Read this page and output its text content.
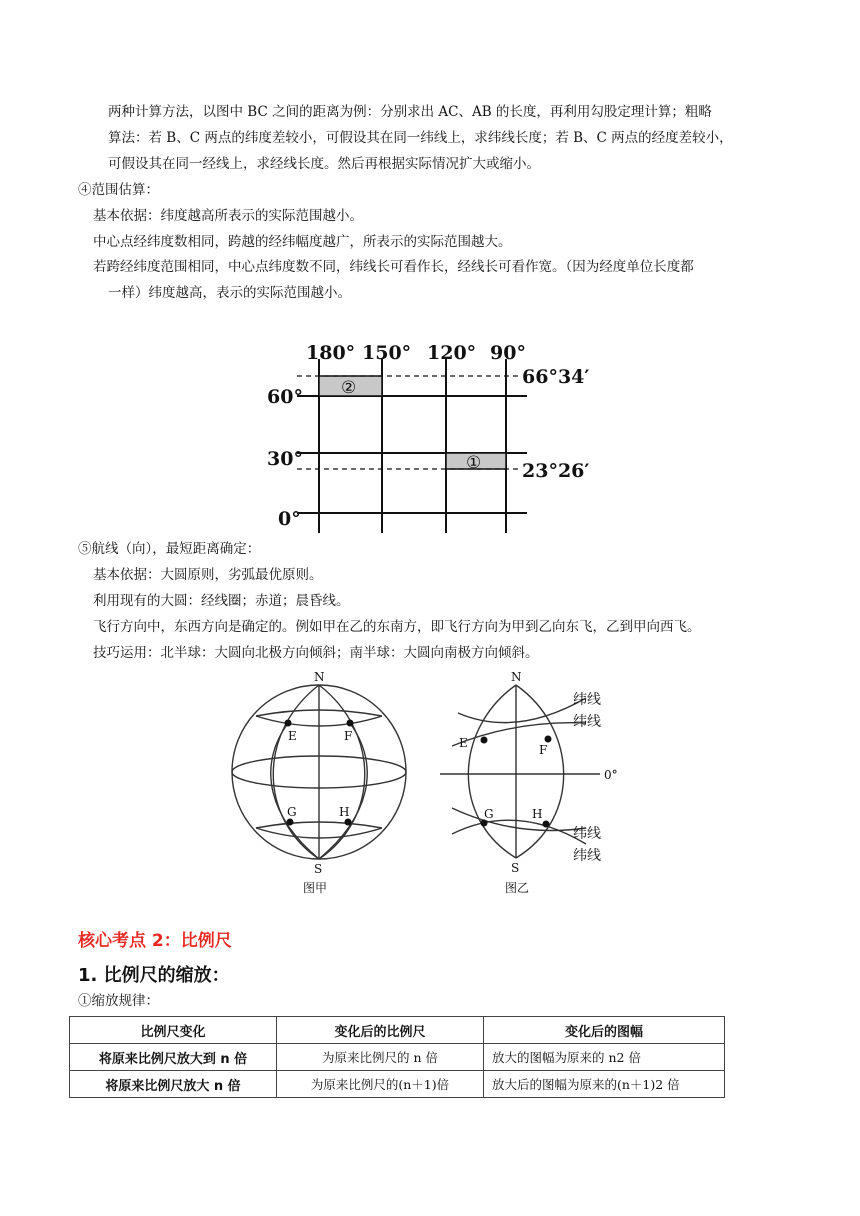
两种计算方法，以图中 BC 之间的距离为例：分别求出 AC、AB 的长度，再利用勾股定理计算；粗略
算法：若 B、C 两点的纬度差较小，可假设其在同一纬线上，求纬线长度；若 B、C 两点的经度差较小，
可假设其在同一经线上，求经线长度。然后再根据实际情况扩大或缩小。
④范围估算：
基本依据：纬度越高所表示的实际范围越小。
中心点经纬度数相同，跨越的经纬幅度越广，所表示的实际范围越大。
若跨经纬度范围相同，中心点纬度数不同，纬线长可看作长，经线长可看作宽。（因为经度单位长度都
一样）纬度越高，表示的实际范围越小。
180° 150° 120° 90°
60°
30°
0°
66°34′
23°26′
②
①
⑤航线（向），最短距离确定：
基本依据：大圆原则，劣弧最优原则。
利用现有的大圆：经线圈；赤道；晨昏线。
飞行方向中，东西方向是确定的。例如甲在乙的东南方，即飞行方向为甲到乙向东飞，乙到甲向西飞。
技巧运用：北半球：大圆向北极方向倾斜；南半球：大圆向南极方向倾斜。
N
S
E	F
G	H
图甲
N
S
E	F
G	H
0°
图乙
纬线
纬线
纬线
纬线
核心考点 2：比例尺
1. 比例尺的缩放：
①缩放规律：
比例尺变化	变化后的比例尺	变化后的图幅
将原来比例尺放大到 n 倍	为原来比例尺的 n 倍	放大的图幅为原来的 n2 倍
将原来比例尺放大 n 倍	为原来比例尺的(n＋1)倍	放大后的图幅为原来的(n＋1)2 倍
